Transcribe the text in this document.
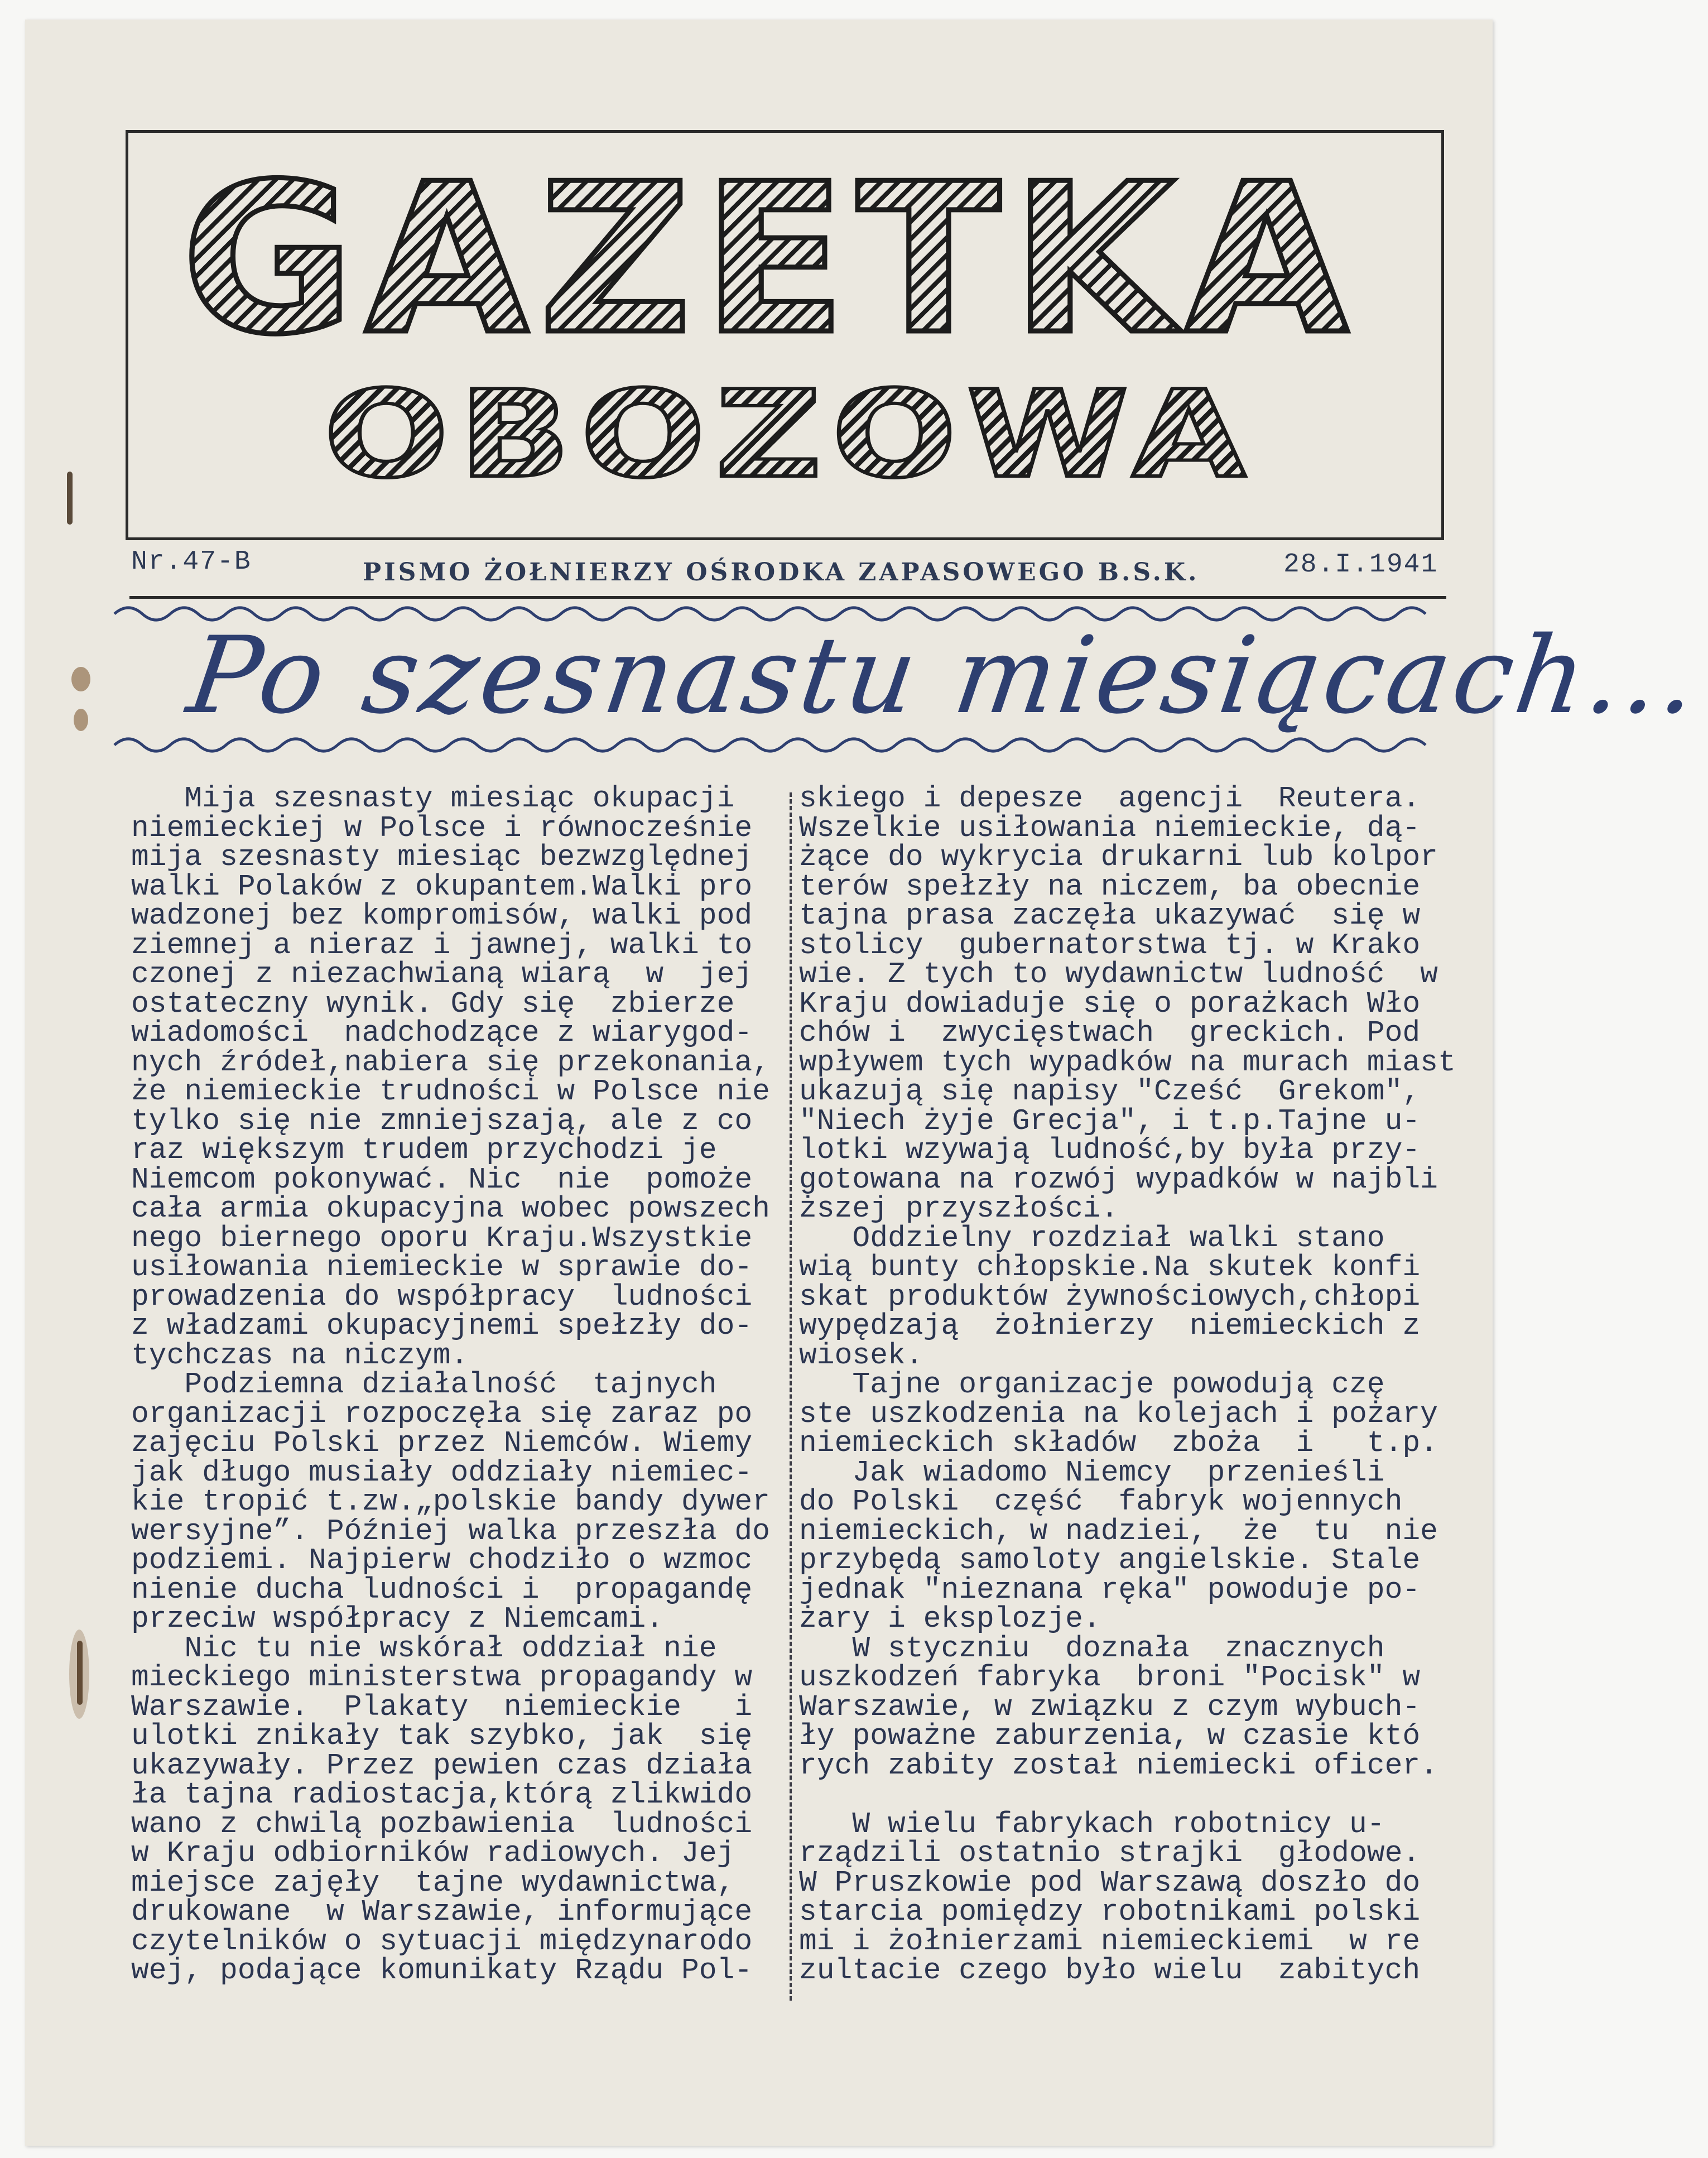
GAZETKA
OBOZOWA
Nr.47-B	PISMO ŻOŁNIERZY OŚRODKA ZAPASOWEGO B.S.K.	28.I.1941
Po szesnastu miesiącach...
Mija szesnasty miesiąc okupacji
niemieckiej w Polsce i równocześnie
mija szesnasty miesiąc bezwzględnej
walki Polaków z okupantem.Walki pro
wadzonej bez kompromisów, walki pod
ziemnej a nieraz i jawnej, walki to
czonej z niezachwianą wiarą  w  jej
ostateczny wynik. Gdy się  zbierze
wiadomości  nadchodzące z wiarygod-
nych źródeł,nabiera się przekonania,
że niemieckie trudności w Polsce nie
tylko się nie zmniejszają, ale z co
raz większym trudem przychodzi je
Niemcom pokonywać. Nic  nie  pomoże
cała armia okupacyjna wobec powszech
nego biernego oporu Kraju.Wszystkie
usiłowania niemieckie w sprawie do-
prowadzenia do współpracy  ludności
z władzami okupacyjnemi spełzły do-
tychczas na niczym.
Podziemna działalność  tajnych
organizacji rozpoczęła się zaraz po
zajęciu Polski przez Niemców. Wiemy
jak długo musiały oddziały niemiec-
kie tropić t.zw.„polskie bandy dywer
wersyjne”. Później walka przeszła do
podziemi. Najpierw chodziło o wzmoc
nienie ducha ludności i  propagandę
przeciw współpracy z Niemcami.
Nic tu nie wskórał oddział nie
mieckiego ministerstwa propagandy w
Warszawie.  Plakaty  niemieckie   i
ulotki znikały tak szybko, jak  się
ukazywały. Przez pewien czas działa
ła tajna radiostacja,którą zlikwido
wano z chwilą pozbawienia  ludności
w Kraju odbiorników radiowych. Jej
miejsce zajęły  tajne wydawnictwa,
drukowane  w Warszawie, informujące
czytelników o sytuacji międzynarodo
wej, podające komunikaty Rządu Pol-
skiego i depesze  agencji  Reutera.
Wszelkie usiłowania niemieckie, dą-
żące do wykrycia drukarni lub kolpor
terów spełzły na niczem, ba obecnie
tajna prasa zaczęła ukazywać  się w
stolicy  gubernatorstwa tj. w Krako
wie. Z tych to wydawnictw ludność  w
Kraju dowiaduje się o porażkach Wło
chów i  zwycięstwach  greckich. Pod
wpływem tych wypadków na murach miast
ukazują się napisy "Cześć  Grekom",
"Niech żyje Grecja", i t.p.Tajne u-
lotki wzywają ludność,by była przy-
gotowana na rozwój wypadków w najbli
ższej przyszłości.
Oddzielny rozdział walki stano
wią bunty chłopskie.Na skutek konfi
skat produktów żywnościowych,chłopi
wypędzają  żołnierzy  niemieckich z
wiosek.
Tajne organizacje powodują czę
ste uszkodzenia na kolejach i pożary
niemieckich składów  zboża  i   t.p.
Jak wiadomo Niemcy  przenieśli
do Polski  część  fabryk wojennych
niemieckich, w nadziei,  że  tu  nie
przybędą samoloty angielskie. Stale
jednak "nieznana ręka" powoduje po-
żary i eksplozje.
W styczniu  doznała  znacznych
uszkodzeń fabryka  broni "Pocisk" w
Warszawie, w związku z czym wybuch-
ły poważne zaburzenia, w czasie któ
rych zabity został niemiecki oficer.

W wielu fabrykach robotnicy u-
rządzili ostatnio strajki  głodowe.
W Pruszkowie pod Warszawą doszło do
starcia pomiędzy robotnikami polski
mi i żołnierzami niemieckiemi  w re
zultacie czego było wielu  zabitych
